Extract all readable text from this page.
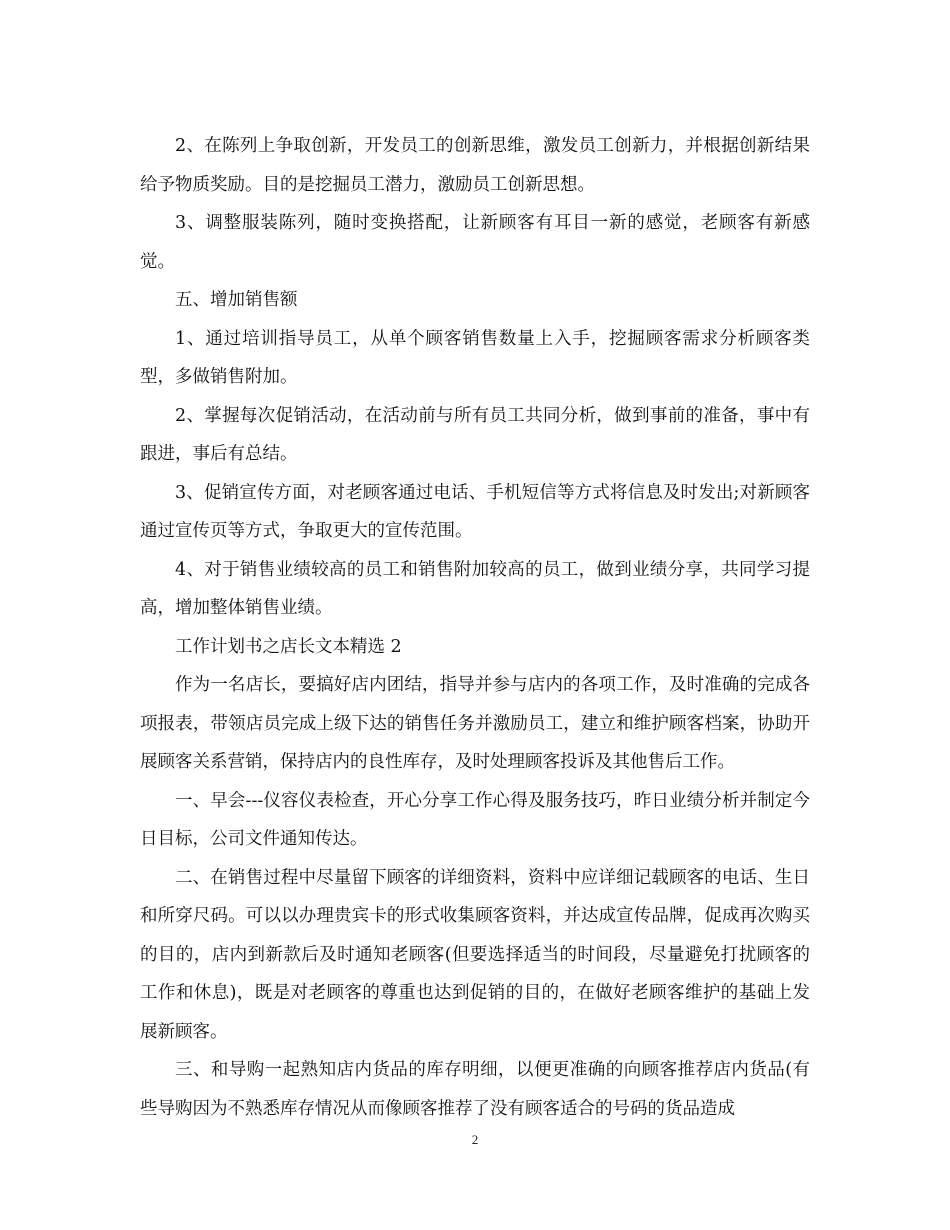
2、在陈列上争取创新，开发员工的创新思维，激发员工创新力，并根据创新结果给予物质奖励。目的是挖掘员工潜力，激励员工创新思想。

3、调整服装陈列，随时变换搭配，让新顾客有耳目一新的感觉，老顾客有新感觉。

五、增加销售额

1、通过培训指导员工，从单个顾客销售数量上入手，挖掘顾客需求分析顾客类型，多做销售附加。

2、掌握每次促销活动，在活动前与所有员工共同分析，做到事前的准备，事中有跟进，事后有总结。

3、促销宣传方面，对老顾客通过电话、手机短信等方式将信息及时发出;对新顾客通过宣传页等方式，争取更大的宣传范围。

4、对于销售业绩较高的员工和销售附加较高的员工，做到业绩分享，共同学习提高，增加整体销售业绩。

工作计划书之店长文本精选 2

作为一名店长，要搞好店内团结，指导并参与店内的各项工作，及时准确的完成各项报表，带领店员完成上级下达的销售任务并激励员工，建立和维护顾客档案，协助开展顾客关系营销，保持店内的良性库存，及时处理顾客投诉及其他售后工作。

一、早会---仪容仪表检查，开心分享工作心得及服务技巧，昨日业绩分析并制定今日目标，公司文件通知传达。

二、在销售过程中尽量留下顾客的详细资料，资料中应详细记载顾客的电话、生日和所穿尺码。可以以办理贵宾卡的形式收集顾客资料，并达成宣传品牌，促成再次购买的目的，店内到新款后及时通知老顾客(但要选择适当的时间段，尽量避免打扰顾客的工作和休息)，既是对老顾客的尊重也达到促销的目的，在做好老顾客维护的基础上发展新顾客。

三、和导购一起熟知店内货品的库存明细，以便更准确的向顾客推荐店内货品(有些导购因为不熟悉库存情况从而像顾客推荐了没有顾客适合的号码的货品造成

2
